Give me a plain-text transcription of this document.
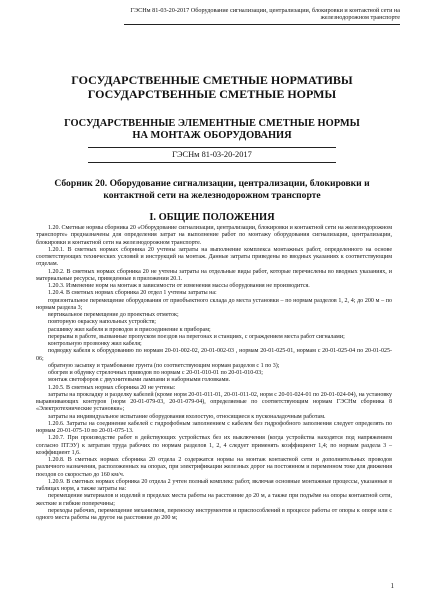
ГЭСНм 81-03-20-2017 Оборудование сигнализации, централизации, блокировки и контактной сети на
железнодорожном транспорте
ГОСУДАРСТВЕННЫЕ СМЕТНЫЕ НОРМАТИВЫ
ГОСУДАРСТВЕННЫЕ СМЕТНЫЕ НОРМЫ
ГОСУДАРСТВЕННЫЕ ЭЛЕМЕНТНЫЕ СМЕТНЫЕ НОРМЫ
НА МОНТАЖ ОБОРУДОВАНИЯ
ГЭСНм 81-03-20-2017
Сборник 20. Оборудование сигнализации, централизации, блокировки и
контактной сети на железнодорожном транспорте
I. ОБЩИЕ ПОЛОЖЕНИЯ

1.20. Сметные нормы сборника 20 «Оборудование сигнализации, централизации, блокировки и контактной сети на железнодорожном транспорте» предназначены для определения затрат на выполнение работ по монтажу оборудования сигнализации, централизации, блокировки и контактной сети на железнодорожном транспорте.

1.20.1. В сметных нормах сборника 20 учтены затраты на выполнение комплекса монтажных работ, определенного на основе соответствующих технических условий и инструкций на монтаж. Данные затраты приведены во вводных указаниях к соответствующим отделам.

1.20.2. В сметных нормах сборника 20 не учтены затраты на отдельные виды работ, которые перечислены во вводных указаниях, и материальные ресурсы, приведенные в приложении 20.1.

1.20.3. Изменение норм на монтаж в зависимости от изменения массы оборудования не производится.

1.20.4. В сметных нормах сборника 20 отдел 1 учтены затраты на:

горизонтальное перемещение оборудования от приобъектного склада до места установки – по нормам разделов 1, 2, 4; до 200 м – по нормам раздела 3;

вертикальное перемещение до проектных отметок;

повторную окраску напольных устройств;

расшивку жил кабеля и проводов и присоединение к приборам;

перерывы в работе, вызванные пропуском поездов на перегонах и станциях, с ограждением места работ сигналами;

контрольную прозвонку жил кабеля;

подводку кабеля к оборудованию по нормам 20-01-002-02, 20-01-002-03 , нормам 20-01-025-01, нормам с 20-01-025-04 по 20-01-025-06;

обратную засыпку и трамбование грунта (по соответствующим нормам разделов с 1 по 3);

обогрев и обдувку стрелочных приводов по нормам с 20-01-010-01 по 20-01-010-03;

монтаж светофоров с двухнитевыми лампами и наборными головками.

1.20.5. В сметных нормах сборника 20 не учтены:

затраты на прокладку и разделку кабелей (кроме норм 20-01-011-01, 20-01-011-02, норм с 20-01-024-01 по 20-01-024-04), на установку выравнивающих контуров (норм 20-01-079-03, 20-01-079-04), определяемые по соответствующим нормам ГЭСНм сборника 8 «Электротехнические установки»;

затраты на индивидуальное испытание оборудования вхолостую, относящиеся к пусконаладочным работам.

1.20.6. Затраты на соединение кабелей с гидрофобным заполнением с кабелем без гидрофобного заполнения следует определять по нормам 20-01-075-10 по 20-01-075-13.

1.20.7. При производстве работ в действующих устройствах без их выключения (когда устройства находятся под напряжением согласно ПТЭУ) к затратам труда рабочих по нормам разделов 1, 2, 4 следует применять коэффициент 1,4; по нормам раздела 3 – коэффициент 1,6.

1.20.8. В сметных нормах сборника 20 отдела 2 содержатся нормы на монтаж контактной сети и дополнительных проводов различного назначения, расположенных на опорах, при электрификации железных дорог на постоянном и переменном токе для движения поездов со скоростью до 160 км/ч.

1.20.9. В сметных нормах сборника 20 отдела 2 учтен полный комплекс работ, включая основные монтажные процессы, указанные в таблицах норм, а также затраты на:

перемещение материалов и изделий в пределах места работы на расстояние до 20 м, а также при подъёме на опоры контактной сети, жесткие и гибкие поперечины;

переходы рабочих, перемещение механизмов, переноску инструментов и приспособлений в процессе работы от опоры к опоре или с одного места работы на другое на расстояние до 200 м;

1
